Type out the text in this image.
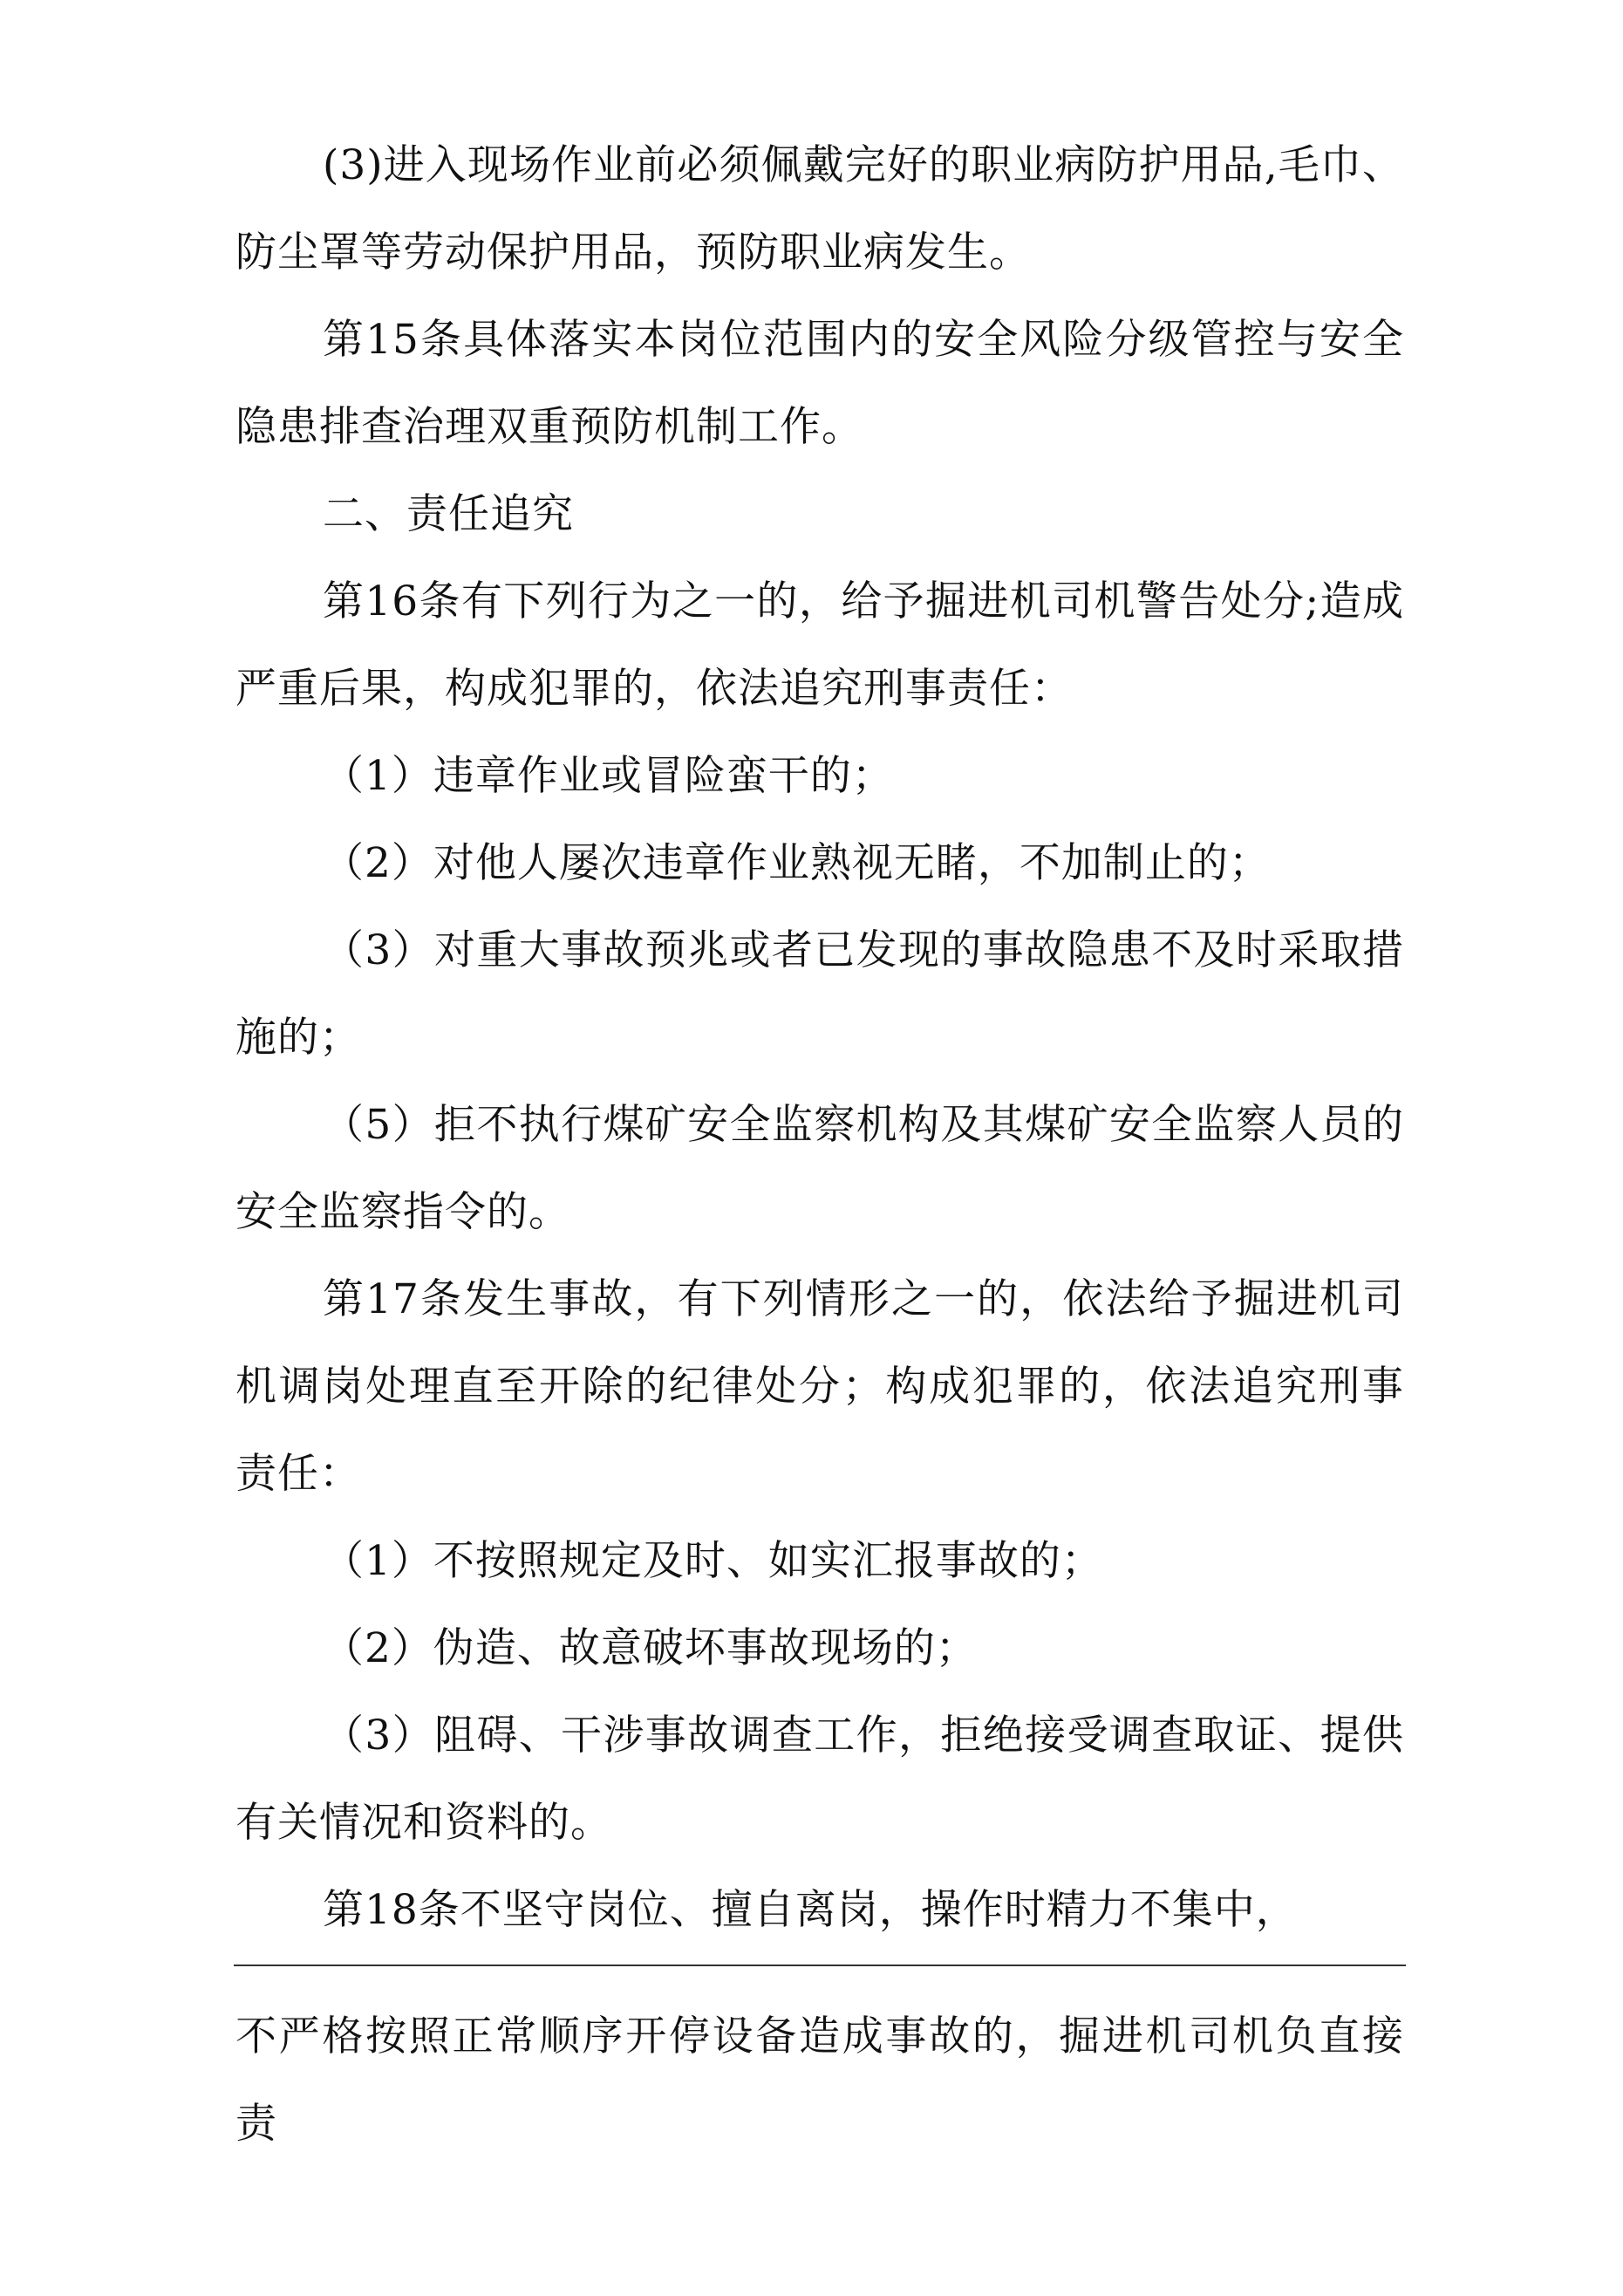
(3)进入现场作业前必须佩戴完好的职业病防护用品,毛巾、防尘罩等劳动保护用品，预防职业病发生。

第15条具体落实本岗位范围内的安全风险分级管控与安全隐患排查治理双重预防机制工作。

二、责任追究

第16条有下列行为之一的，给予掘进机司机警告处分;造成严重后果，构成犯罪的，依法追究刑事责任：

（1）违章作业或冒险蛮干的；

（2）对他人屡次违章作业熟视无睹，不加制止的；

（3）对重大事故预兆或者已发现的事故隐患不及时采取措施的；

（5）拒不执行煤矿安全监察机构及其煤矿安全监察人员的安全监察指令的。

第17条发生事故，有下列情形之一的，依法给予掘进机司机调岗处理直至开除的纪律处分；构成犯罪的，依法追究刑事责任：

（1）不按照规定及时、如实汇报事故的；

（2）伪造、故意破坏事故现场的；

（3）阻碍、干涉事故调查工作，拒绝接受调查取证、提供有关情况和资料的。

第18条不坚守岗位、擅自离岗，操作时精力不集中，

不严格按照正常顺序开停设备造成事故的，掘进机司机负直接责
